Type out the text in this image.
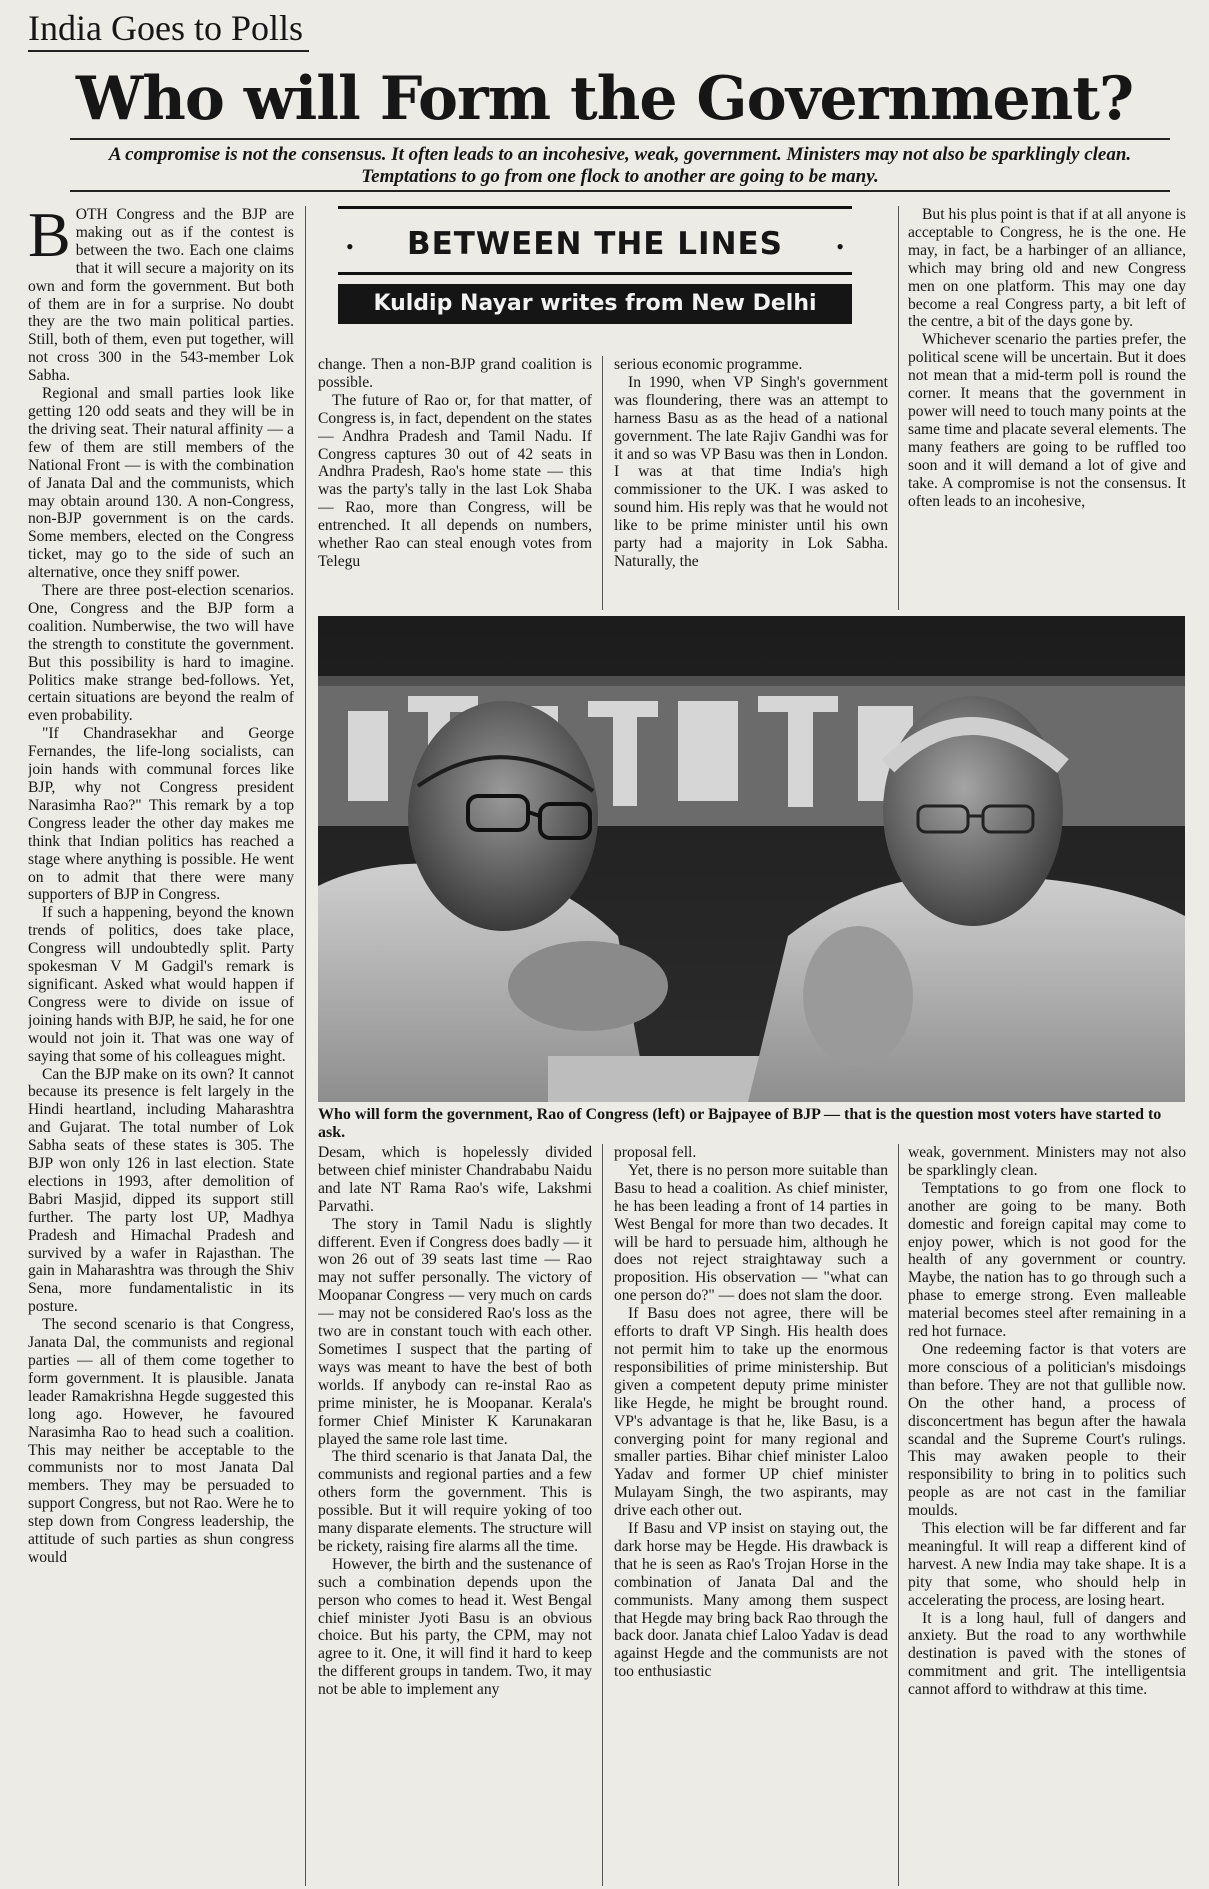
India Goes to Polls
Who will Form the Government?
A compromise is not the consensus. It often leads to an incohesive, weak, government. Ministers may not also be sparklingly clean. Temptations to go from one flock to another are going to be many.

BOTH Congress and the BJP are making out as if the contest is between the two. Each one claims that it will secure a majority on its own and form the government. But both of them are in for a surprise. No doubt they are the two main political parties. Still, both of them, even put together, will not cross 300 in the 543-member Lok Sabha.

Regional and small parties look like getting 120 odd seats and they will be in the driving seat. Their natural affinity — a few of them are still members of the National Front — is with the combination of Janata Dal and the communists, which may obtain around 130. A non-Congress, non-BJP government is on the cards. Some members, elected on the Congress ticket, may go to the side of such an alternative, once they sniff power.

There are three post-election scenarios. One, Congress and the BJP form a coalition. Numberwise, the two will have the strength to constitute the government. But this possibility is hard to imagine. Politics make strange bed-follows. Yet, certain situations are beyond the realm of even probability.

"If Chandrasekhar and George Fernandes, the life-long socialists, can join hands with communal forces like BJP, why not Congress president Narasimha Rao?" This remark by a top Congress leader the other day makes me think that Indian politics has reached a stage where anything is possible. He went on to admit that there were many supporters of BJP in Congress.

If such a happening, beyond the known trends of politics, does take place, Congress will undoubtedly split. Party spokesman V M Gadgil's remark is significant. Asked what would happen if Congress were to divide on issue of joining hands with BJP, he said, he for one would not join it. That was one way of saying that some of his colleagues might.

Can the BJP make on its own? It cannot because its presence is felt largely in the Hindi heartland, including Maharashtra and Gujarat. The total number of Lok Sabha seats of these states is 305. The BJP won only 126 in last election. State elections in 1993, after demolition of Babri Masjid, dipped its support still further. The party lost UP, Madhya Pradesh and Himachal Pradesh and survived by a wafer in Rajasthan. The gain in Maharashtra was through the Shiv Sena, more fundamentalistic in its posture.

The second scenario is that Congress, Janata Dal, the communists and regional parties — all of them come together to form government. It is plausible. Janata leader Ramakrishna Hegde suggested this long ago. However, he favoured Narasimha Rao to head such a coalition. This may neither be acceptable to the communists nor to most Janata Dal members. They may be persuaded to support Congress, but not Rao. Were he to step down from Congress leadership, the attitude of such parties as shun congress would

•	BETWEEN THE LINES	•
Kuldip Nayar writes from New Delhi

change. Then a non-BJP grand coalition is possible.

The future of Rao or, for that matter, of Congress is, in fact, dependent on the states — Andhra Pradesh and Tamil Nadu. If Congress captures 30 out of 42 seats in Andhra Pradesh, Rao's home state — this was the party's tally in the last Lok Shaba — Rao, more than Congress, will be entrenched. It all depends on numbers, whether Rao can steal enough votes from Telegu

serious economic programme.

In 1990, when VP Singh's government was floundering, there was an attempt to harness Basu as as the head of a national government. The late Rajiv Gandhi was for it and so was VP Basu was then in London. I was at that time India's high commissioner to the UK. I was asked to sound him. His reply was that he would not like to be prime minister until his own party had a majority in Lok Sabha. Naturally, the

But his plus point is that if at all anyone is acceptable to Congress, he is the one. He may, in fact, be a harbinger of an alliance, which may bring old and new Congress men on one platform. This may one day become a real Congress party, a bit left of the centre, a bit of the days gone by.

Whichever scenario the parties prefer, the political scene will be uncertain. But it does not mean that a mid-term poll is round the corner. It means that the government in power will need to touch many points at the same time and placate several elements. The many feathers are going to be ruffled too soon and it will demand a lot of give and take. A compromise is not the consensus. It often leads to an incohesive,

Who will form the government, Rao of Congress (left) or Bajpayee of BJP — that is the question most voters have started to ask.

Desam, which is hopelessly divided between chief minister Chandrababu Naidu and late NT Rama Rao's wife, Lakshmi Parvathi.

The story in Tamil Nadu is slightly different. Even if Congress does badly — it won 26 out of 39 seats last time — Rao may not suffer personally. The victory of Moopanar Congress — very much on cards — may not be considered Rao's loss as the two are in constant touch with each other. Sometimes I suspect that the parting of ways was meant to have the best of both worlds. If anybody can re-instal Rao as prime minister, he is Moopanar. Kerala's former Chief Minister K Karunakaran played the same role last time.

The third scenario is that Janata Dal, the communists and regional parties and a few others form the government. This is possible. But it will require yoking of too many disparate elements. The structure will be rickety, raising fire alarms all the time.

However, the birth and the sustenance of such a combination depends upon the person who comes to head it. West Bengal chief minister Jyoti Basu is an obvious choice. But his party, the CPM, may not agree to it. One, it will find it hard to keep the different groups in tandem. Two, it may not be able to implement any

proposal fell.

Yet, there is no person more suitable than Basu to head a coalition. As chief minister, he has been leading a front of 14 parties in West Bengal for more than two decades. It will be hard to persuade him, although he does not reject straightaway such a proposition. His observation — "what can one person do?" — does not slam the door.

If Basu does not agree, there will be efforts to draft VP Singh. His health does not permit him to take up the enormous responsibilities of prime ministership. But given a competent deputy prime minister like Hegde, he might be brought round. VP's advantage is that he, like Basu, is a converging point for many regional and smaller parties. Bihar chief minister Laloo Yadav and former UP chief minister Mulayam Singh, the two aspirants, may drive each other out.

If Basu and VP insist on staying out, the dark horse may be Hegde. His drawback is that he is seen as Rao's Trojan Horse in the combination of Janata Dal and the communists. Many among them suspect that Hegde may bring back Rao through the back door. Janata chief Laloo Yadav is dead against Hegde and the communists are not too enthusiastic

weak, government. Ministers may not also be sparklingly clean.

Temptations to go from one flock to another are going to be many. Both domestic and foreign capital may come to enjoy power, which is not good for the health of any government or country. Maybe, the nation has to go through such a phase to emerge strong. Even malleable material becomes steel after remaining in a red hot furnace.

One redeeming factor is that voters are more conscious of a politician's misdoings than before. They are not that gullible now. On the other hand, a process of disconcertment has begun after the hawala scandal and the Supreme Court's rulings. This may awaken people to their responsibility to bring in to politics such people as are not cast in the familiar moulds.

This election will be far different and far meaningful. It will reap a different kind of harvest. A new India may take shape. It is a pity that some, who should help in accelerating the process, are losing heart.

It is a long haul, full of dangers and anxiety. But the road to any worthwhile destination is paved with the stones of commitment and grit. The intelligentsia cannot afford to withdraw at this time.
